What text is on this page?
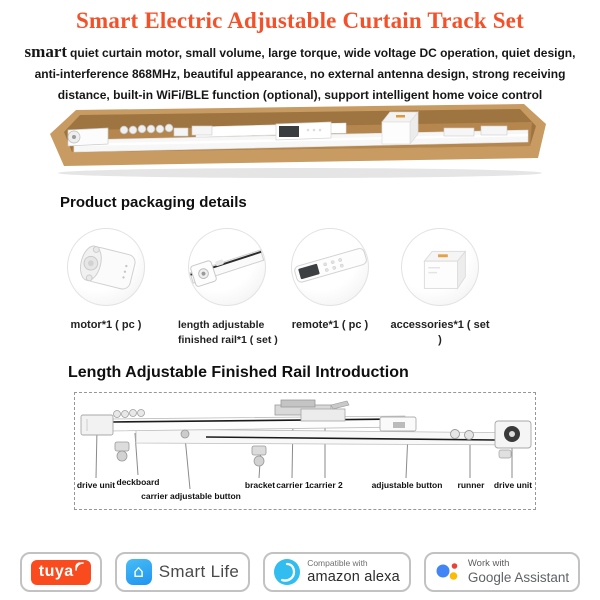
Smart Electric Adjustable Curtain Track Set
smart quiet curtain motor, small volume, large torque, wide voltage DC operation, quiet design,
anti-interference 868MHz, beautiful appearance, no external antenna design, strong receiving
distance, built-in WiFi/BLE function (optional), support intelligent home voice control
Product packaging details
motor*1 ( pc )	length adjustable finished rail*1 ( set )
remote*1 ( pc )	accessories*1 ( set )
Length Adjustable Finished Rail Introduction
drive unit deckboard
carrier adjustable button
bracket carrier 1 carrier 2	adjustable button runner drive unit
tuya	⌂ Smart Life	Compatible with
amazon alexa
Work with
Google Assistant
